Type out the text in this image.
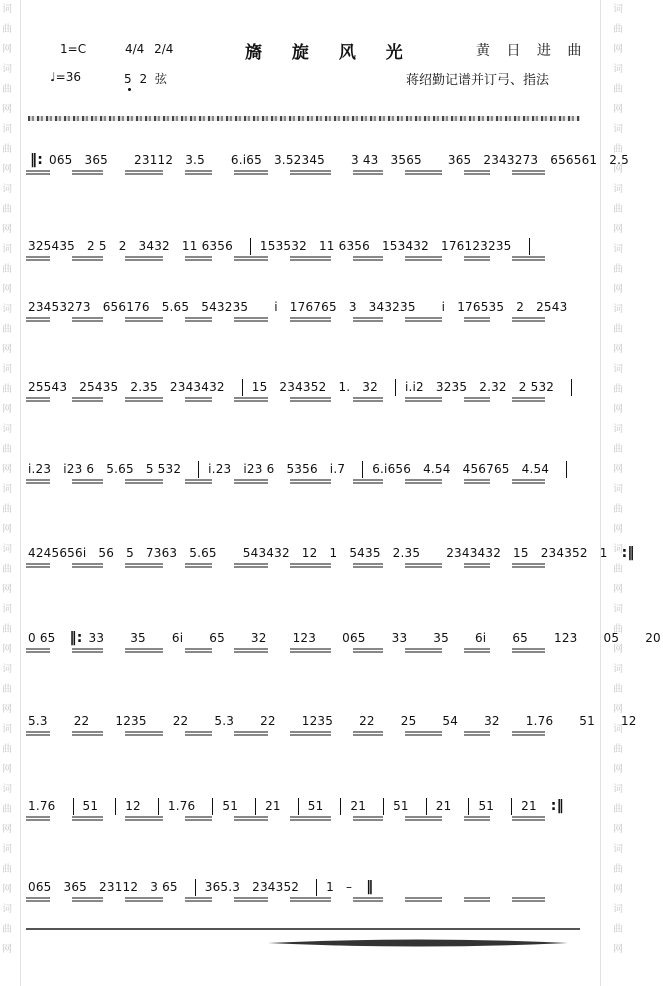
词
曲
网
词
曲
网
词
曲
网
词
曲
网
词
曲
网
词
曲
网
词
曲
网
词
曲
网
词
曲
网
词
曲
网
词
曲
网
词
曲
网
词
曲
网
词
曲
网
词
曲
网
词
曲
网
词
曲
网
词
曲
网
词
曲
网
词
曲
网
词
曲
网
词
曲
网
词
曲
网
词
曲
网
词
曲
网
词
曲
网
词
曲
网
词
曲
网
词
曲
网
词
曲
网
词
曲
网
词
曲
网
旖 旋 风 光	黄 日 进 曲
1=C	4/4 2/4
♩=36	5 2 弦	蒋绍勤记谱并订弓、指法
‖: 065 365 23112 3.5 6.i65 3.52345 3 43 3565 365 2343273 656561 2.5
325435 2 5 2 3432 11 6356 153532 11 6356 153432 176123235
23453273 656176 5.65 543235 i 176765 3 343235 i 176535 2 2543
25543 25435 2.35 2343432 15 234352 1. 32 i.i2 3235 2.32 2 532
i.23 i23 6 5.65 5 532 i.23 i23 6 5356 i.7 6.i656 4.54 456765 4.54
4245656i 56 5 7363 5.65 543432 12 1 5435 2.35 2343432 15 234352 1 :‖
0 65 ‖: 33 35 6i 65 32 123 065 33 35 6i 65 123 05 20
5.3 22 1235 22 5.3 22 1235 22 25 54 32 1.76 51 12
1.76 51 12 1.76 51 21 51 21 51 21 51 21 :‖
065 365 23112 3 65 365.3 234352 1 – ‖
